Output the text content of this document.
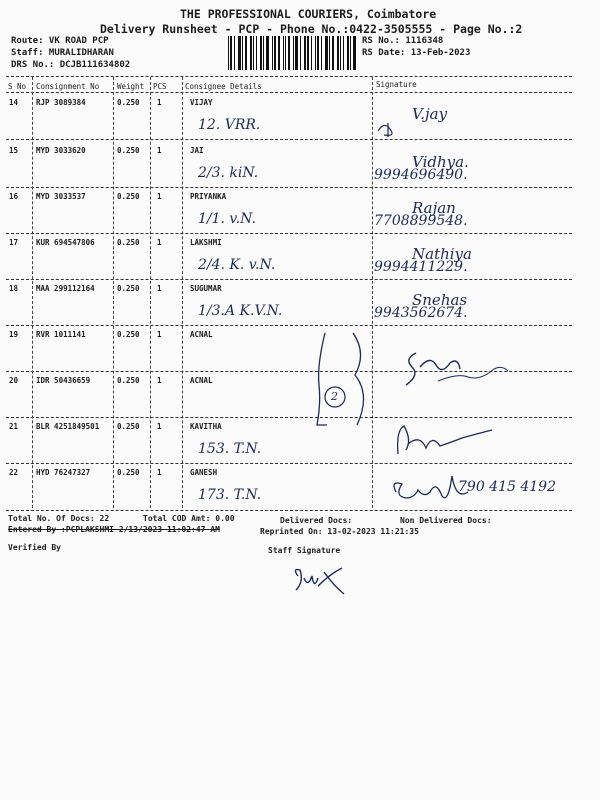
THE PROFESSIONAL COURIERS, Coimbatore
Delivery Runsheet - PCP - Phone No.:0422-3505555 - Page No.:2
Route: VK ROAD PCP
Staff: MURALIDHARAN
DRS No.: DCJB111634802
RS No.: 1116348
RS Date: 13-Feb-2023
S No Consignment No Weight PCS Consignee Details	Signature
14 RJP 3089384	0.250 1	VIJAY
12. VRR.
V.jay
15 MYD 3033620	0.250 1	JAI
2/3. kiN.
Vidhya.
9994696490.
16 MYD 3033537	0.250 1	PRIYANKA
1/1. v.N.
Rajan
7708899548.
17 KUR 694547806	0.250 1	LAKSHMI
2/4. K. v.N.
Nathiya
9994411229.
18 MAA 299112164	0.250 1	SUGUMAR
1/3.A K.V.N.
Snehas
9943562674.
19 RVR 1011141	0.250 1	ACNAL
20 IDR 50436659	0.250 1	ACNAL
21 BLR 4251849501 0.250 1	KAVITHA
153. T.N.
22 HYD 76247327	0.250 1	GANESH
173. T.N.	790 415 4192
2
Total No. Of Docs: 22	Total COD Amt: 0.00	Delivered Docs:	Non Delivered Docs:
Entered By :PCPLAKSHMI 2/13/2023 11:02:47 AM	Reprinted On: 13-02-2023 11:21:35
Verified By	Staff Signature
